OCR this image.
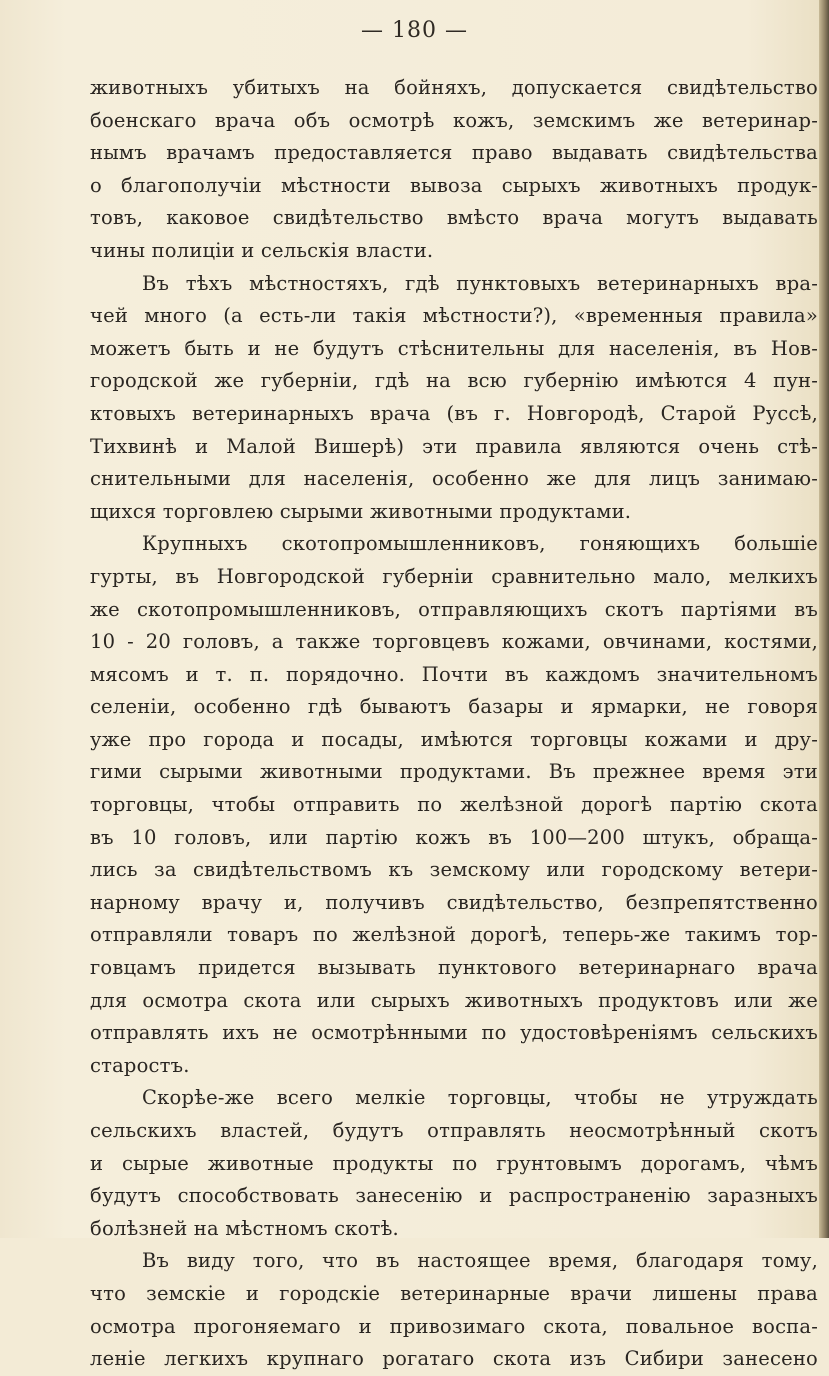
— 180 —
животныхъ убитыхъ на бойняхъ, допускается свидѣтельство
боенскаго врача объ осмотрѣ кожъ, земскимъ же ветеринар-
нымъ врачамъ предоставляется право выдавать свидѣтельства
о благополучіи мѣстности вывоза сырыхъ животныхъ продук-
товъ, каковое свидѣтельство вмѣсто врача могутъ выдавать
чины полиціи и сельскія власти.
Въ тѣхъ мѣстностяхъ, гдѣ пунктовыхъ ветеринарныхъ вра-
чей много (а есть-ли такія мѣстности?), «временныя правила»
можетъ быть и не будутъ стѣснительны для населенія, въ Нов-
городской же губерніи, гдѣ на всю губернію имѣются 4 пун-
ктовыхъ ветеринарныхъ врача (въ г. Новгородѣ, Старой Руссѣ,
Тихвинѣ и Малой Вишерѣ) эти правила являются очень стѣ-
снительными для населенія, особенно же для лицъ занимаю-
щихся торговлею сырыми животными продуктами.
Крупныхъ скотопромышленниковъ, гоняющихъ большіе
гурты, въ Новгородской губерніи сравнительно мало, мелкихъ
же скотопромышленниковъ, отправляющихъ скотъ партіями въ
10 - 20 головъ, а также торговцевъ кожами, овчинами, костями,
мясомъ и т. п. порядочно. Почти въ каждомъ значительномъ
селеніи, особенно гдѣ бываютъ базары и ярмарки, не говоря
уже про города и посады, имѣются торговцы кожами и дру-
гими сырыми животными продуктами. Въ прежнее время эти
торговцы, чтобы отправить по желѣзной дорогѣ партію скота
въ 10 головъ, или партію кожъ въ 100—200 штукъ, обраща-
лись за свидѣтельствомъ къ земскому или городскому ветери-
нарному врачу и, получивъ свидѣтельство, безпрепятственно
отправляли товаръ по желѣзной дорогѣ, теперь-же такимъ тор-
говцамъ придется вызывать пунктового ветеринарнаго врача
для осмотра скота или сырыхъ животныхъ продуктовъ или же
отправлять ихъ не осмотрѣнными по удостовѣреніямъ сельскихъ
старостъ.
Скорѣе-же всего мелкіе торговцы, чтобы не утруждать
сельскихъ властей, будутъ отправлять неосмотрѣнный скотъ
и сырые животные продукты по грунтовымъ дорогамъ, чѣмъ
будутъ способствовать занесенію и распространенію заразныхъ
болѣзней на мѣстномъ скотѣ.
Въ виду того, что въ настоящее время, благодаря тому,
что земскіе и городскіе ветеринарные врачи лишены права
осмотра прогоняемаго и привозимаго скота, повальное воспа-
леніе легкихъ крупнаго рогатаго скота изъ Сибири занесено
